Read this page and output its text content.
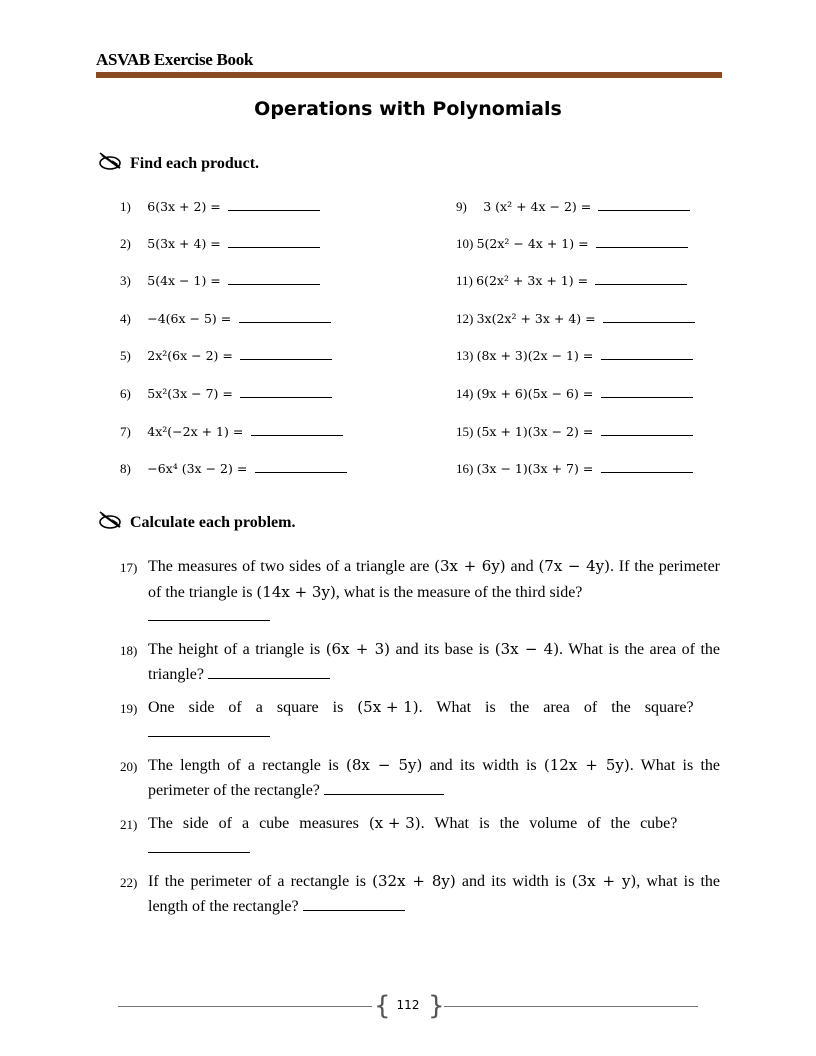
ASVAB Exercise Book
Operations with Polynomials
Find each product.
1) 6(3x + 2) =
2) 5(3x + 4) =
3) 5(4x − 1) =
4) −4(6x − 5) =
5) 2x²(6x − 2) =
6) 5x²(3x − 7) =
7) 4x²(−2x + 1) =
8) −6x⁴ (3x − 2) =
9) 3 (x² + 4x − 2) =
10) 5(2x² − 4x + 1) =
11) 6(2x² + 3x + 1) =
12) 3x(2x² + 3x + 4) =
13) (8x + 3)(2x − 1) =
14) (9x + 6)(5x − 6) =
15) (5x + 1)(3x − 2) =
16) (3x − 1)(3x + 7) =
Calculate each problem.
17) The measures of two sides of a triangle are (3x + 6y) and (7x − 4y). If the perimeter of the triangle is (14x + 3y), what is the measure of the third side?

18) The height of a triangle is (6x + 3) and its base is (3x − 4). What is the area of the triangle?
19) One side of a square is (5x + 1). What is the area of the square?

20) The length of a rectangle is (8x − 5y) and its width is (12x + 5y). What is the perimeter of the rectangle?
21) The side of a cube measures (x + 3). What is the volume of the cube?

22) If the perimeter of a rectangle is (32x + 8y) and its width is (3x + y), what is the length of the rectangle?
{ }
112
